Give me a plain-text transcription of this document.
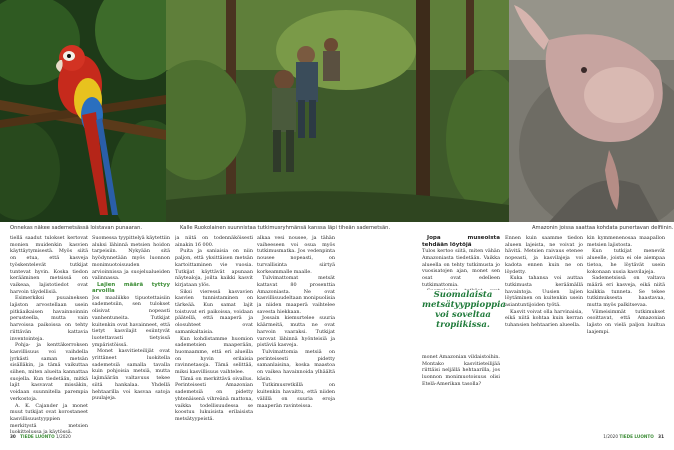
Onnekas näkee sademetsässä loistavan punaaran.	Kalle Ruokolainen suunnistaa tutkimusryhmänsä kanssa läpi tiheän sademetsän.	Amazonin joissa saattaa kohdata punertavan delfiinin.

tiellä saadut tulokset kertovat monien muidenkin kasvien käyttäytymisestä. Myös siitä on etua, että kasveja työskentelevät tutkijat tuntevat hyvin. Koska tiedon kerääminen metsissä on vaikeaa, lajistotiedot ovat harvoin täydellisiä.

Esimerkiksi puuaineksen lajiston arvostellaan usein pitkäaikaisen havainnoinnin perusteella, mutta vain harvoissa paikoissa on tehty riittävän kattavia inventointeja.

Pohja- ja kenttäkerroksen kasvillisuus voi vaihdella jyrkästi saman metsän sisälläkin, ja tämä vaikuttaa siihen, miten alueita kannattaa suojella. Kun tiedetään, mitkä lajit kasvavat missäkin, voidaan suunnitella parempia verkostoja.

A. K. Cajander ja monet muut tutkijat ovat korostaneet kasvillisuustyyppien merkitystä metsien luokittelussa ja käytössä.

Suomessa tyypittelyä käytettiin aluksi lähinnä metsien hoidon tarpeisiin. Nykyään sitä hyödynnetään myös luonnon monimuotoisuuden arvioinnissa ja suojelualueiden valinnassa.

Lajien määrä tyttyy arvoilla

Jos maaliikko tipuotettaisiin sademetsiin, sen tulokset olisivat nopeasti vanhentuneita. Tutkijat kuitenkin ovat havainneet, että tietyt kasvilajit esiintyvät luotettavasti tietyissä ympäristöissä.

Monet kasvitieteilijät ovat yrittäneet luokitella sademetsiä samalla tavalla kuin pohjoisia metsiä, mutta lajimäärän valtavuus tekee siitä hankalaa. Yhdellä hehtaarilla voi kasvaa satoja puulajeja.

ja niitä on todennäköisesti ainakin 16 000.

Puita ja saniaisia on niin paljon, että yksittäisen metsän kartoittaminen vie vuosia. Tutkijat käyttävät apunaan näytealoja, joilta kaikki kasvit kirjataan ylös.

Siksi vieressä kasvavien kasvien tunnistaminen on tärkeää. Kun samat lajit toistuvat eri paikoissa, voidaan päätellä, että maaperä ja olosuhteet ovat samankaltaisia.

Kun kohdistamme huomion sademetsien maaperään, huomaamme, että eri alueilla on hyvin erilaisia ravinnetasoja. Tämä selittää, miksi kasvillisuus vaihtelee.

Tämä on merkittävä oivallus. Perinteisesti Amazonian sademetsiä on pidetty yhtenäisenä vihreänä mattona, vaikka todellisuudessa se koostuu lukuisista erilaisista metsätyypeistä.

alkaa vesi nousee, ja tähän vaiheeseen voi osua myös tutkimusmatka. Jos vedenpinta nousee nopeasti, on turvallisinta siirtyä korkeammalle maalle.

Tulvimattomat metsät kattavat 80 prosenttia Amazoniasta. Ne ovat kasvillisuudeltaan monipuolisia ja niiden maaperä vaihtelee savesta hiekkaan.

Jossain kiemurtelee suuria käärmeitä, mutta ne ovat harvoin vaaraksi. Tutkijat varovat lähinnä hyönteisiä ja pistäviä kasveja.

Tulvimattomia metsiä on perinteisesti pidetty samanlaisina, koska maastoa on vaikea havainnoida ylhäältä käsin.

Tutkimusretkillä on kuitenkin havaittu, että niiden välillä on suuria eroja maaperän ravinteissa.

Jopa museoista tehdään löytöjä

Tulos kertoo siitä, miten vähän Amazoniasta tiedetään. Vaikka alueella on tehty tutkimusta jo vuosisatojen ajan, monet sen osat ovat edelleen tutkimattomia.

Suomalaista metsätyyppioppia voi soveltaa tropiikissa.

monet Amazonian vildaistoihin. Montako kasvitieteilijää riittäisi neljällä hehtaarilla, jos luonnon monimuotoisuus olisi Etelä-Amerikan tasolla?

Ennen kuin saamme tiedon alueen lajeista, ne voivat jo hävitä. Metsien raivaus etenee nopeasti, ja kasvilajeja voi kadota ennen kuin ne on löydetty.

Kuka tahansa voi auttaa tutkimusta keräämällä havaintoja. Uusien lajien löytäminen on kuitenkin usein asiantuntijoiden työtä.

Kasvit voivat olla harvinaisia, eikä niitä kohtaa kuin kerran tuhansien hehtaarien alueella.

kin kymmenenosaa maapallon metsien lajistosta.

Kun tutkijat menevät alueelle, joista ei ole aiempaa tietoa, he löytävät usein kokonaan uusia kasvilajeja.

Sademetsissä on valtava määrä eri kasveja, eikä niitä kaikkia tunneta. Se tekee tutkimuksesta haastavaa, mutta myös palkitsevaa.

Viimeisimmät tutkimukset osoittavat, että Amazonian lajisto on vielä paljon luultua laajempi.

30 TIEDE LUONTO 1/2020	1/2020 TIEDE LUONTO 31
